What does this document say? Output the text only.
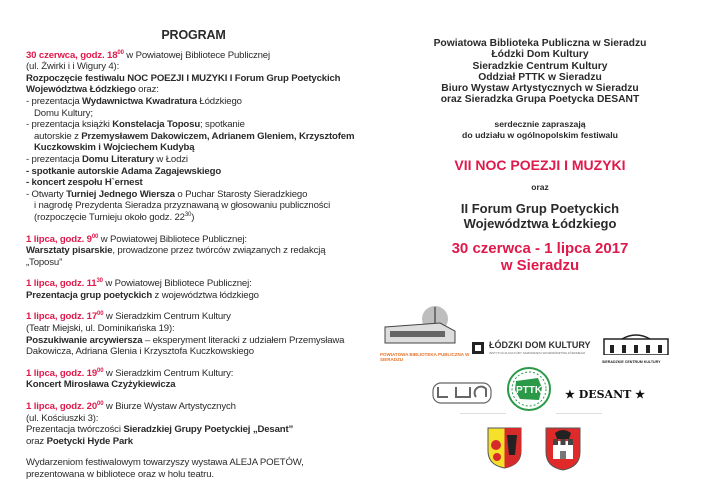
PROGRAM
30 czerwca, godz. $18^{00}$ w Powiatowej Bibliotece Publicznej
(ul. Żwirki i i Wigury 4):
Rozpoczęcie festiwalu NOC POEZJI I MUZYKI I Forum Grup Poetyckich Województwa Łódzkiego oraz:
- prezentacja Wydawnictwa Kwadratura Łódzkiego
Domu Kultury;
- prezentacja książki Konstelacja Toposu; spotkanie
autorskie z Przemysławem Dakowiczem, Adrianem Gleniem, Krzysztofem Kuczkowskim i Wojciechem Kudybą
- prezentacja Domu Literatury w Łodzi
- spotkanie autorskie Adama Zagajewskiego
- koncert zespołu H`ernest
- Otwarty Turniej Jednego Wiersza o Puchar Starosty Sieradzkiego
i nagrodę Prezydenta Sieradza przyznawaną w głosowaniu publiczności (rozpoczęcie Turnieju około godz. $22^{30}$)
1 lipca, godz. $9^{00}$ w Powiatowej Bibliotece Publicznej:
Warsztaty pisarskie, prowadzone przez twórców związanych z redakcją „Toposu”
1 lipca, godz. $11^{30}$ w Powiatowej Bibliotece Publicznej:
Prezentacja grup poetyckich z województwa łódzkiego
1 lipca, godz. $17^{00}$ w Sieradzkim Centrum Kultury
(Teatr Miejski, ul. Dominikańska 19):
Poszukiwanie arcywiersza – eksperyment literacki z udziałem Przemysława Dakowicza, Adriana Glenia i Krzysztofa Kuczkowskiego
1 lipca, godz. $19^{00}$ w Sieradzkim Centrum Kultury:
Koncert Mirosława Czyżykiewicza
1 lipca, godz. $20^{00}$ w Biurze Wystaw Artystycznych
(ul. Kościuszki 3):
Prezentacja twórczości Sieradzkiej Grupy Poetyckiej „Desant”
oraz Poetycki Hyde Park
Wydarzeniom festiwalowym towarzyszy wystawa ALEJA POETÓW, prezentowana w bibliotece oraz w holu teatru.
Powiatowa Biblioteka Publiczna w Sieradzu
Łódzki Dom Kultury
Sieradzkie Centrum Kultury
Oddział PTTK w Sieradzu
Biuro Wystaw Artystycznych w Sieradzu
oraz Sieradzka Grupa Poetycka DESANT
serdecznie zapraszają
do udziału w ogólnopolskim festiwalu
VII NOC POEZJI I MUZYKI
oraz
II Forum Grup Poetyckich
Województwa Łódzkiego
30 czerwca - 1 lipca 2017
w Sieradzu
POWIATOWA BIBLIOTEKA PUBLICZNA W SIERADZU
ŁÓDZKI DOM KULTURY
INSTYTUCJA KULTURY SAMORZĄDU WOJEWÓDZTWA ŁÓDZKIEGO
SIERADZKIE CENTRUM KULTURY
PTTK ★ DESANT ★
